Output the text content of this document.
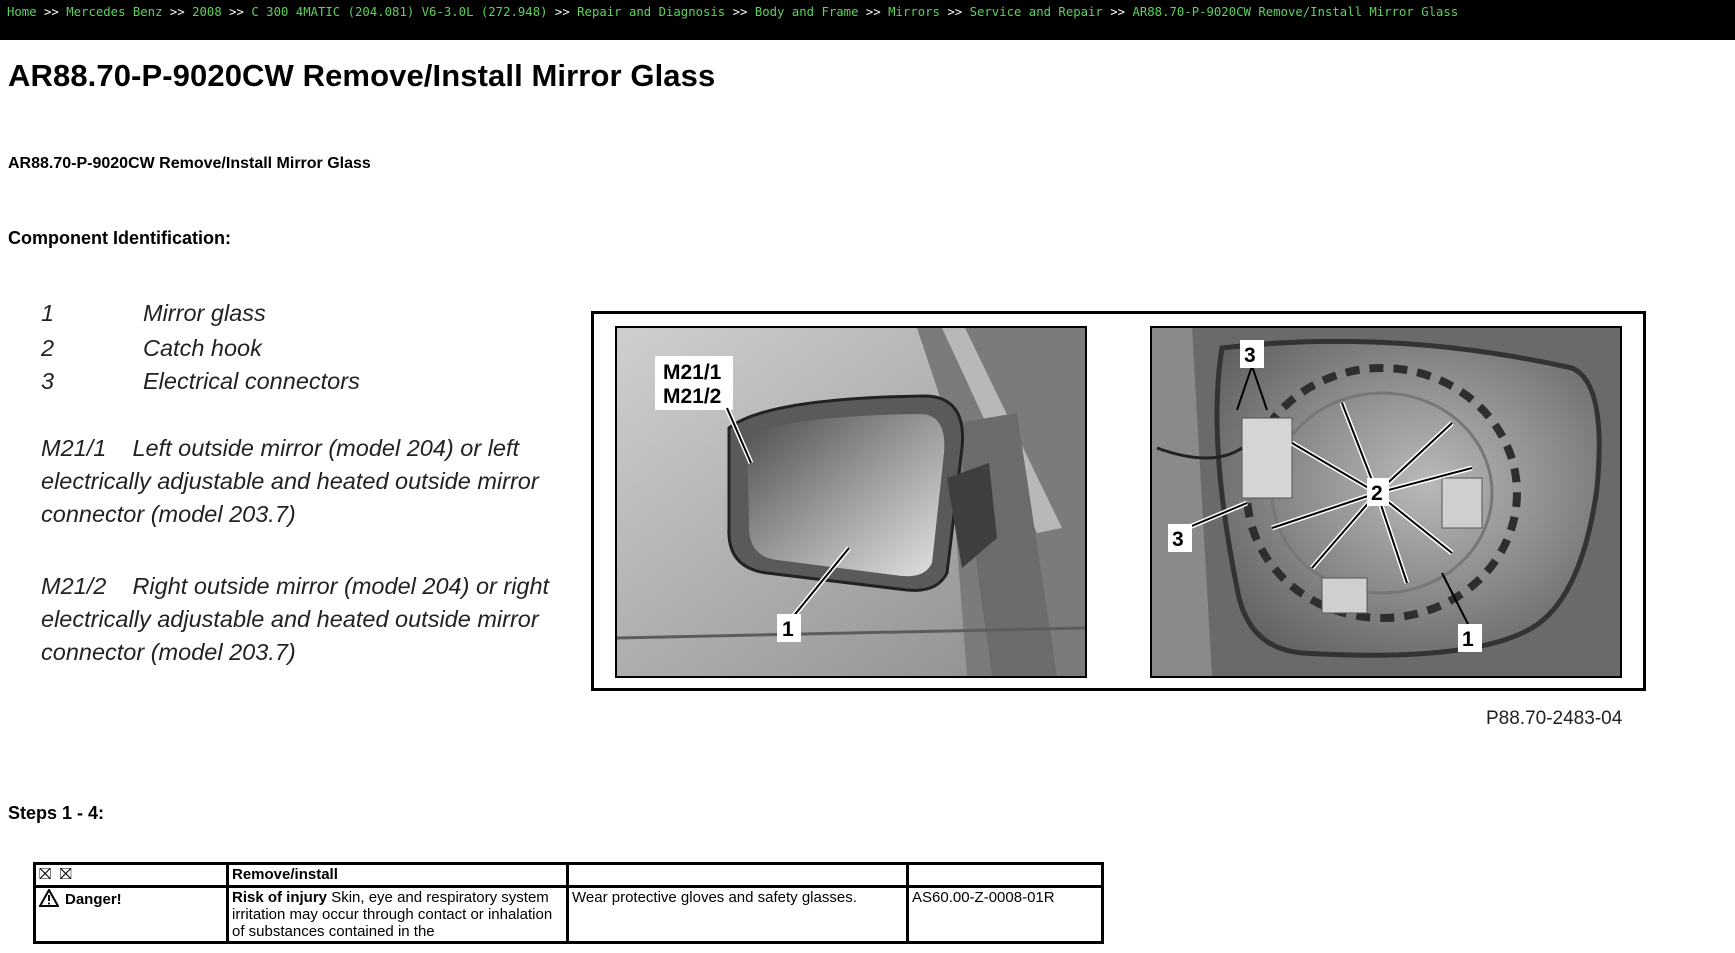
Home >> Mercedes Benz >> 2008 >> C 300 4MATIC (204.081) V6-3.0L (272.948) >> Repair and Diagnosis >> Body and Frame >> Mirrors >> Service and Repair >> AR88.70-P-9020CW Remove/Install Mirror Glass
AR88.70-P-9020CW Remove/Install Mirror Glass
AR88.70-P-9020CW Remove/Install Mirror Glass
Component Identification:
1	Mirror glass
2	Catch hook
3	Electrical connectors
M21/1 Left outside mirror (model 204) or left electrically adjustable and heated outside mirror connector (model 203.7)
M21/2 Right outside mirror (model 204) or right electrically adjustable and heated outside mirror connector (model 203.7)
M21/1
M21/2
1
2
3
3
1
P88.70-2483-04
Steps 1 - 4:
⛝ ⛝	Remove/install		
Danger!	Risk of injury Skin, eye and respiratory system irritation may occur through contact or inhalation of substances contained in the	Wear protective gloves and safety glasses.	AS60.00-Z-0008-01R
